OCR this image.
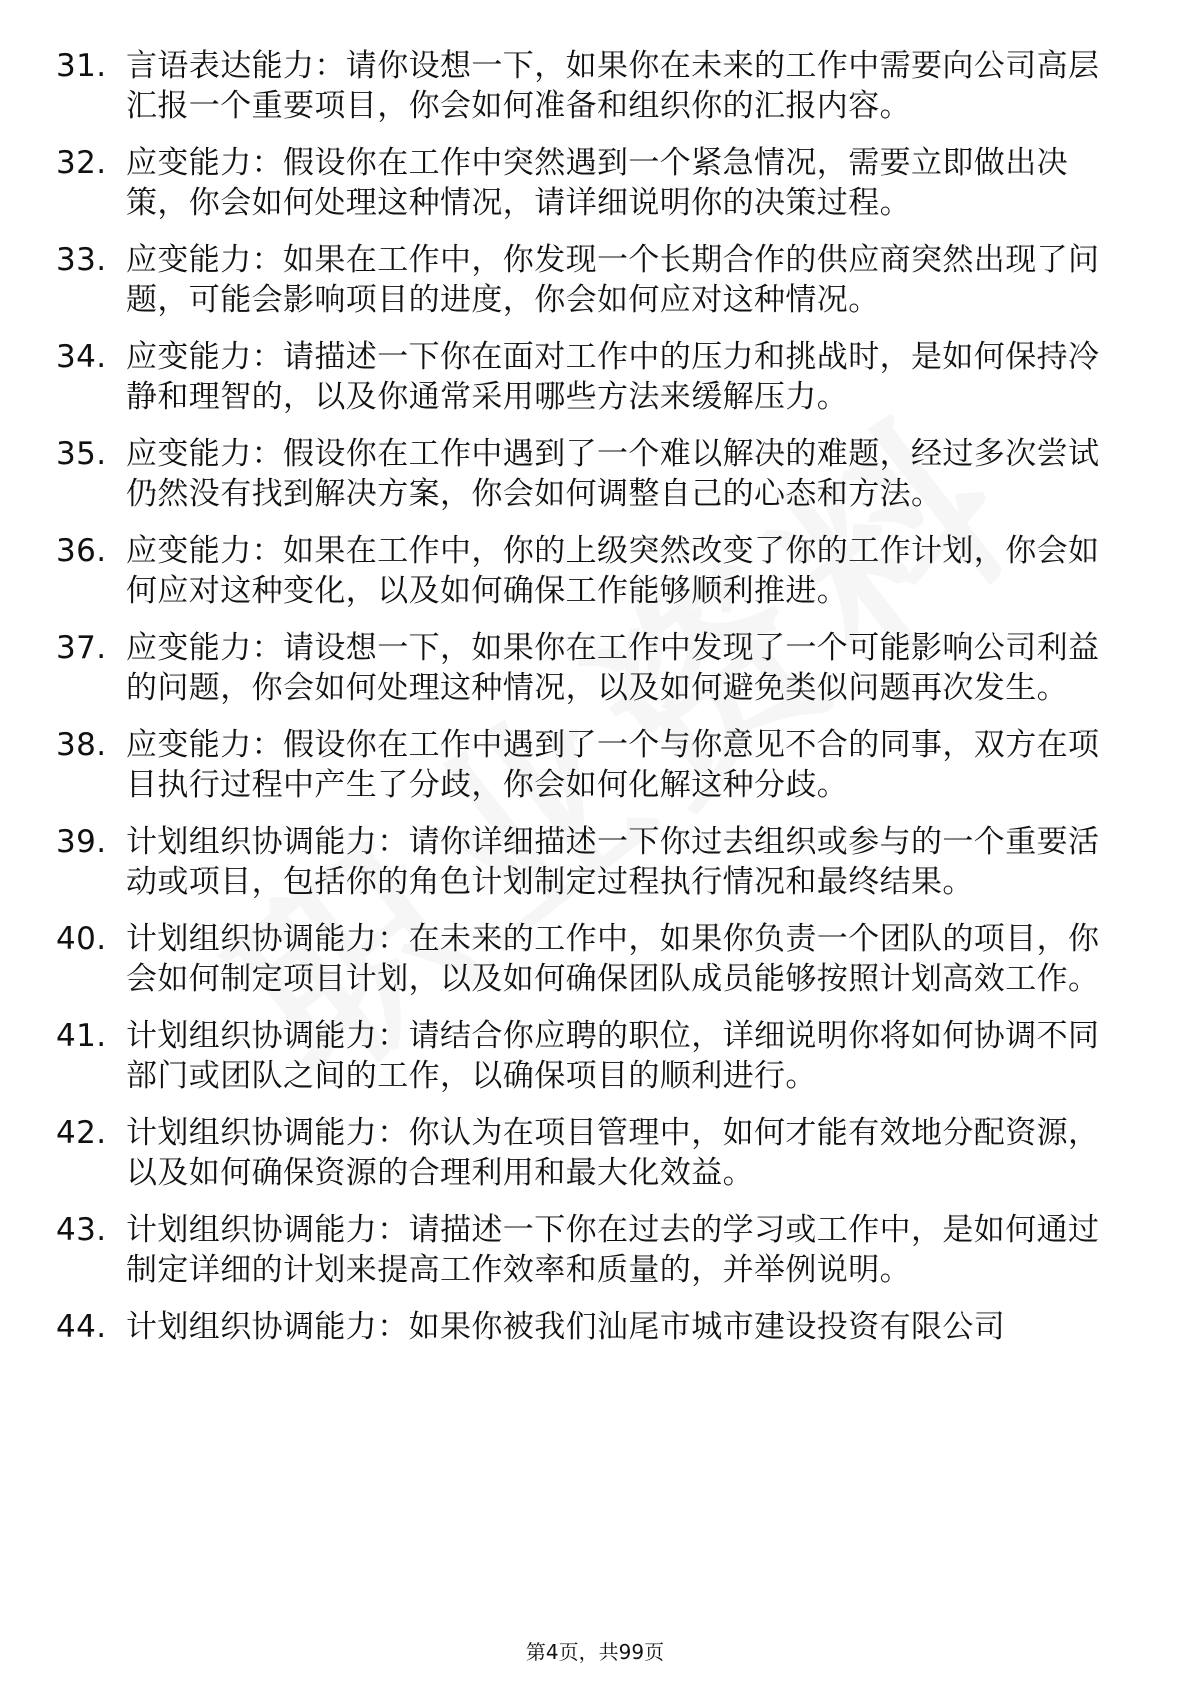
31. 言语表达能力：请你设想一下，如果你在未来的工作中需要向公司高层汇报一个重要项目，你会如何准备和组织你的汇报内容。
32. 应变能力：假设你在工作中突然遇到一个紧急情况，需要立即做出决策，你会如何处理这种情况，请详细说明你的决策过程。
33. 应变能力：如果在工作中，你发现一个长期合作的供应商突然出现了问题，可能会影响项目的进度，你会如何应对这种情况。
34. 应变能力：请描述一下你在面对工作中的压力和挑战时，是如何保持冷静和理智的，以及你通常采用哪些方法来缓解压力。
35. 应变能力：假设你在工作中遇到了一个难以解决的难题，经过多次尝试仍然没有找到解决方案，你会如何调整自己的心态和方法。
36. 应变能力：如果在工作中，你的上级突然改变了你的工作计划，你会如何应对这种变化，以及如何确保工作能够顺利推进。
37. 应变能力：请设想一下，如果你在工作中发现了一个可能影响公司利益的问题，你会如何处理这种情况，以及如何避免类似问题再次发生。
38. 应变能力：假设你在工作中遇到了一个与你意见不合的同事，双方在项目执行过程中产生了分歧，你会如何化解这种分歧。
39. 计划组织协调能力：请你详细描述一下你过去组织或参与的一个重要活动或项目，包括你的角色计划制定过程执行情况和最终结果。
40. 计划组织协调能力：在未来的工作中，如果你负责一个团队的项目，你会如何制定项目计划，以及如何确保团队成员能够按照计划高效工作。
41. 计划组织协调能力：请结合你应聘的职位，详细说明你将如何协调不同部门或团队之间的工作，以确保项目的顺利进行。
42. 计划组织协调能力：你认为在项目管理中，如何才能有效地分配资源，以及如何确保资源的合理利用和最大化效益。
43. 计划组织协调能力：请描述一下你在过去的学习或工作中，是如何通过制定详细的计划来提高工作效率和质量的，并举例说明。
44. 计划组织协调能力：如果你被我们汕尾市城市建设投资有限公司
第4页，共99页
